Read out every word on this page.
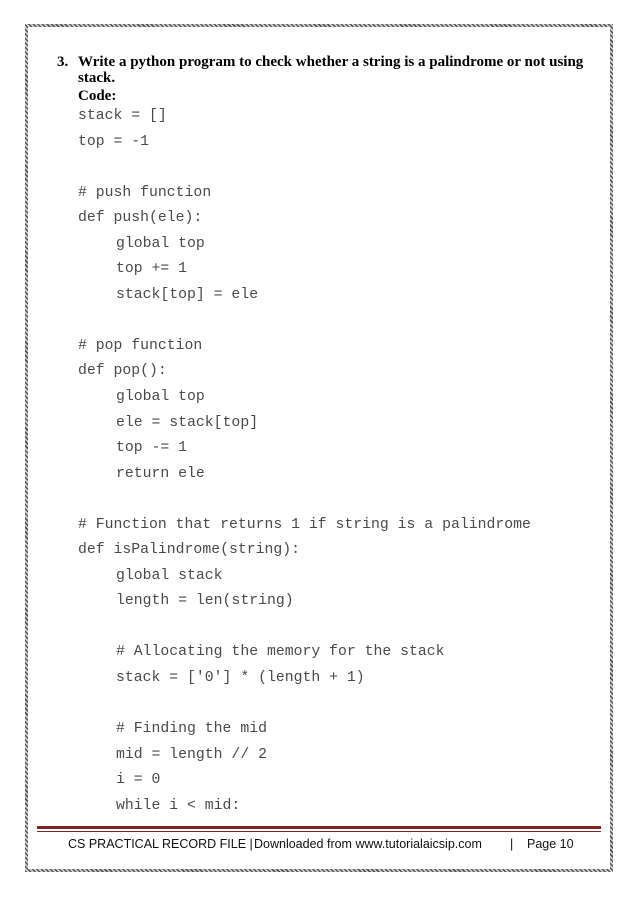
3. Write a python program to check whether a string is a palindrome or not using stack.
Code:
stack = []
top = -1
# push function
def push(ele):
global top
top += 1
stack[top] = ele
# pop function
def pop():
global top
ele = stack[top]
top -= 1
return ele
# Function that returns 1 if string is a palindrome
def isPalindrome(string):
global stack
length = len(string)
# Allocating the memory for the stack
stack = ['0'] * (length + 1)
# Finding the mid
mid = length // 2
i = 0
while i < mid:
CS PRACTICAL RECORD FILE | Downloaded from www.tutorialaicsip.com | Page 10
